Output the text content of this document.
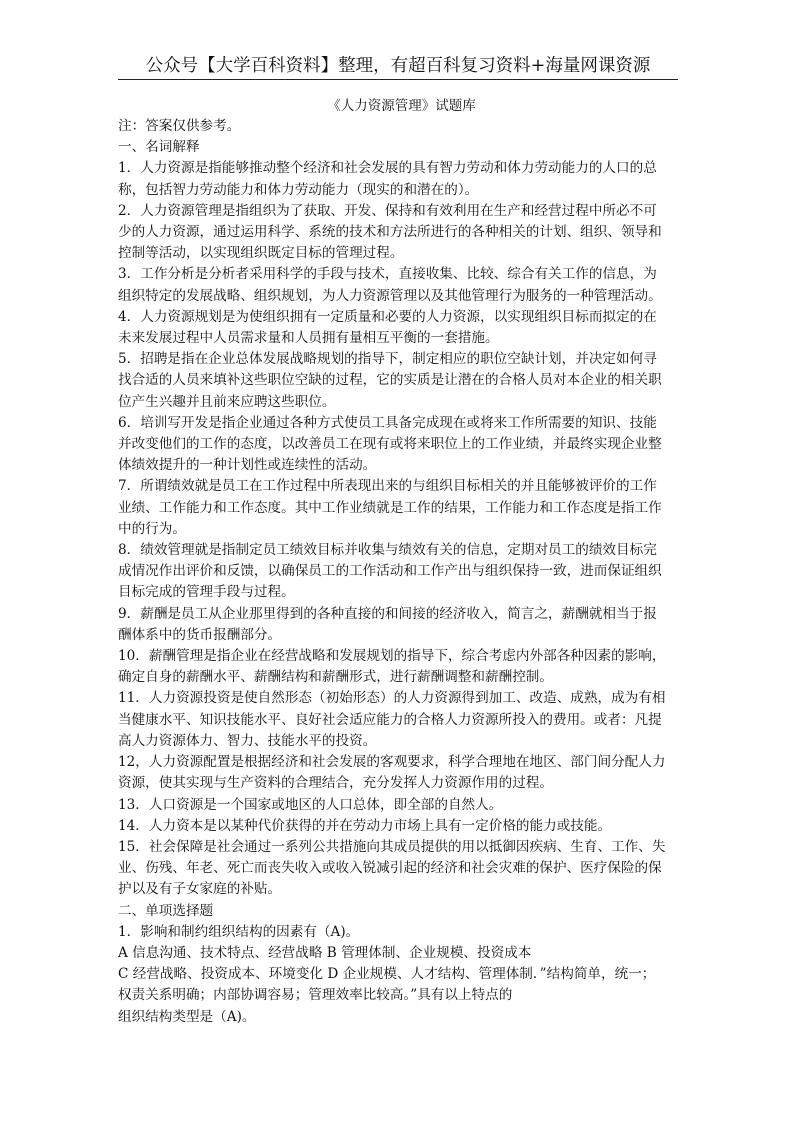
公众号【大学百科资料】整理，有超百科复习资料+海量网课资源
《人力资源管理》试题库
注：答案仅供参考。
一、名词解释
1．人力资源是指能够推动整个经济和社会发展的具有智力劳动和体力劳动能力的人口的总
称，包括智力劳动能力和体力劳动能力（现实的和潜在的）。
2．人力资源管理是指组织为了获取、开发、保持和有效利用在生产和经营过程中所必不可
少的人力资源，通过运用科学、系统的技术和方法所进行的各种相关的计划、组织、领导和
控制等活动，以实现组织既定目标的管理过程。
3．工作分析是分析者采用科学的手段与技术，直接收集、比较、综合有关工作的信息，为
组织特定的发展战略、组织规划，为人力资源管理以及其他管理行为服务的一种管理活动。
4．人力资源规划是为使组织拥有一定质量和必要的人力资源，以实现组织目标而拟定的在
未来发展过程中人员需求量和人员拥有量相互平衡的一套措施。
5．招聘是指在企业总体发展战略规划的指导下，制定相应的职位空缺计划，并决定如何寻
找合适的人员来填补这些职位空缺的过程，它的实质是让潜在的合格人员对本企业的相关职
位产生兴趣并且前来应聘这些职位。
6．培训写开发是指企业通过各种方式使员工具备完成现在或将来工作所需要的知识、技能
并改变他们的工作的态度，以改善员工在现有或将来职位上的工作业绩，并最终实现企业整
体绩效提升的一种计划性或连续性的活动。
7．所谓绩效就是员工在工作过程中所表现出来的与组织目标相关的并且能够被评价的工作
业绩、工作能力和工作态度。其中工作业绩就是工作的结果，工作能力和工作态度是指工作
中的行为。
8．绩效管理就是指制定员工绩效目标并收集与绩效有关的信息，定期对员工的绩效目标完
成情况作出评价和反馈，以确保员工的工作活动和工作产出与组织保持一致，进而保证组织
目标完成的管理手段与过程。
9．薪酬是员工从企业那里得到的各种直接的和间接的经济收入，简言之，薪酬就相当于报
酬体系中的货币报酬部分。
10．薪酬管理是指企业在经营战略和发展规划的指导下，综合考虑内外部各种因素的影响，
确定自身的薪酬水平、薪酬结构和薪酬形式，进行薪酬调整和薪酬控制。
11．人力资源投资是使自然形态（初始形态）的人力资源得到加工、改造、成熟，成为有相
当健康水平、知识技能水平、良好社会适应能力的合格人力资源所投入的费用。或者：凡提
高人力资源体力、智力、技能水平的投资。
12，人力资源配置是根据经济和社会发展的客观要求，科学合理地在地区、部门间分配人力
资源，使其实现与生产资料的合理结合，充分发挥人力资源作用的过程。
13．人口资源是一个国家或地区的人口总体，即全部的自然人。
14．人力资本是以某种代价获得的并在劳动力市场上具有一定价格的能力或技能。
15．社会保障是社会通过一系列公共措施向其成员提供的用以抵御因疾病、生育、工作、失
业、伤残、年老、死亡而丧失收入或收入锐减引起的经济和社会灾难的保护、医疗保险的保
护以及有子女家庭的补贴。
二、单项选择题
1．影响和制约组织结构的因素有（A)。
A 信息沟通、技术特点、经营战略 B 管理体制、企业规模、投资成本
C 经营战略、投资成本、环境变化 D 企业规模、人才结构、管理体制．”结构简单，统一；
权责关系明确；内部协调容易；管理效率比较高。”具有以上特点的
组织结构类型是（A)。
